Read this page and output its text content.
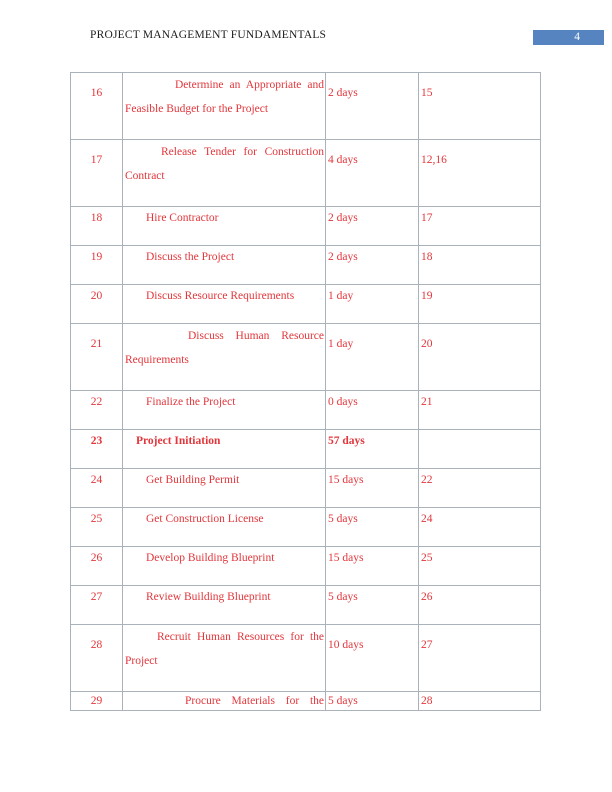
PROJECT MANAGEMENT FUNDAMENTALS	4
16	Determine an Appropriate and Feasible Budget for the Project	2 days	15
17	Release Tender for Construction Contract	4 days	12,16
18	Hire Contractor	2 days	17
19	Discuss the Project	2 days	18
20	Discuss Resource Requirements	1 day	19
21	Discuss Human Resource Requirements	1 day	20
22	Finalize the Project	0 days	21
23	Project Initiation	57 days	
24	Get Building Permit	15 days	22
25	Get Construction License	5 days	24
26	Develop Building Blueprint	15 days	25
27	Review Building Blueprint	5 days	26
28	Recruit Human Resources for the Project	10 days	27
29	Procure Materials for the	5 days	28
